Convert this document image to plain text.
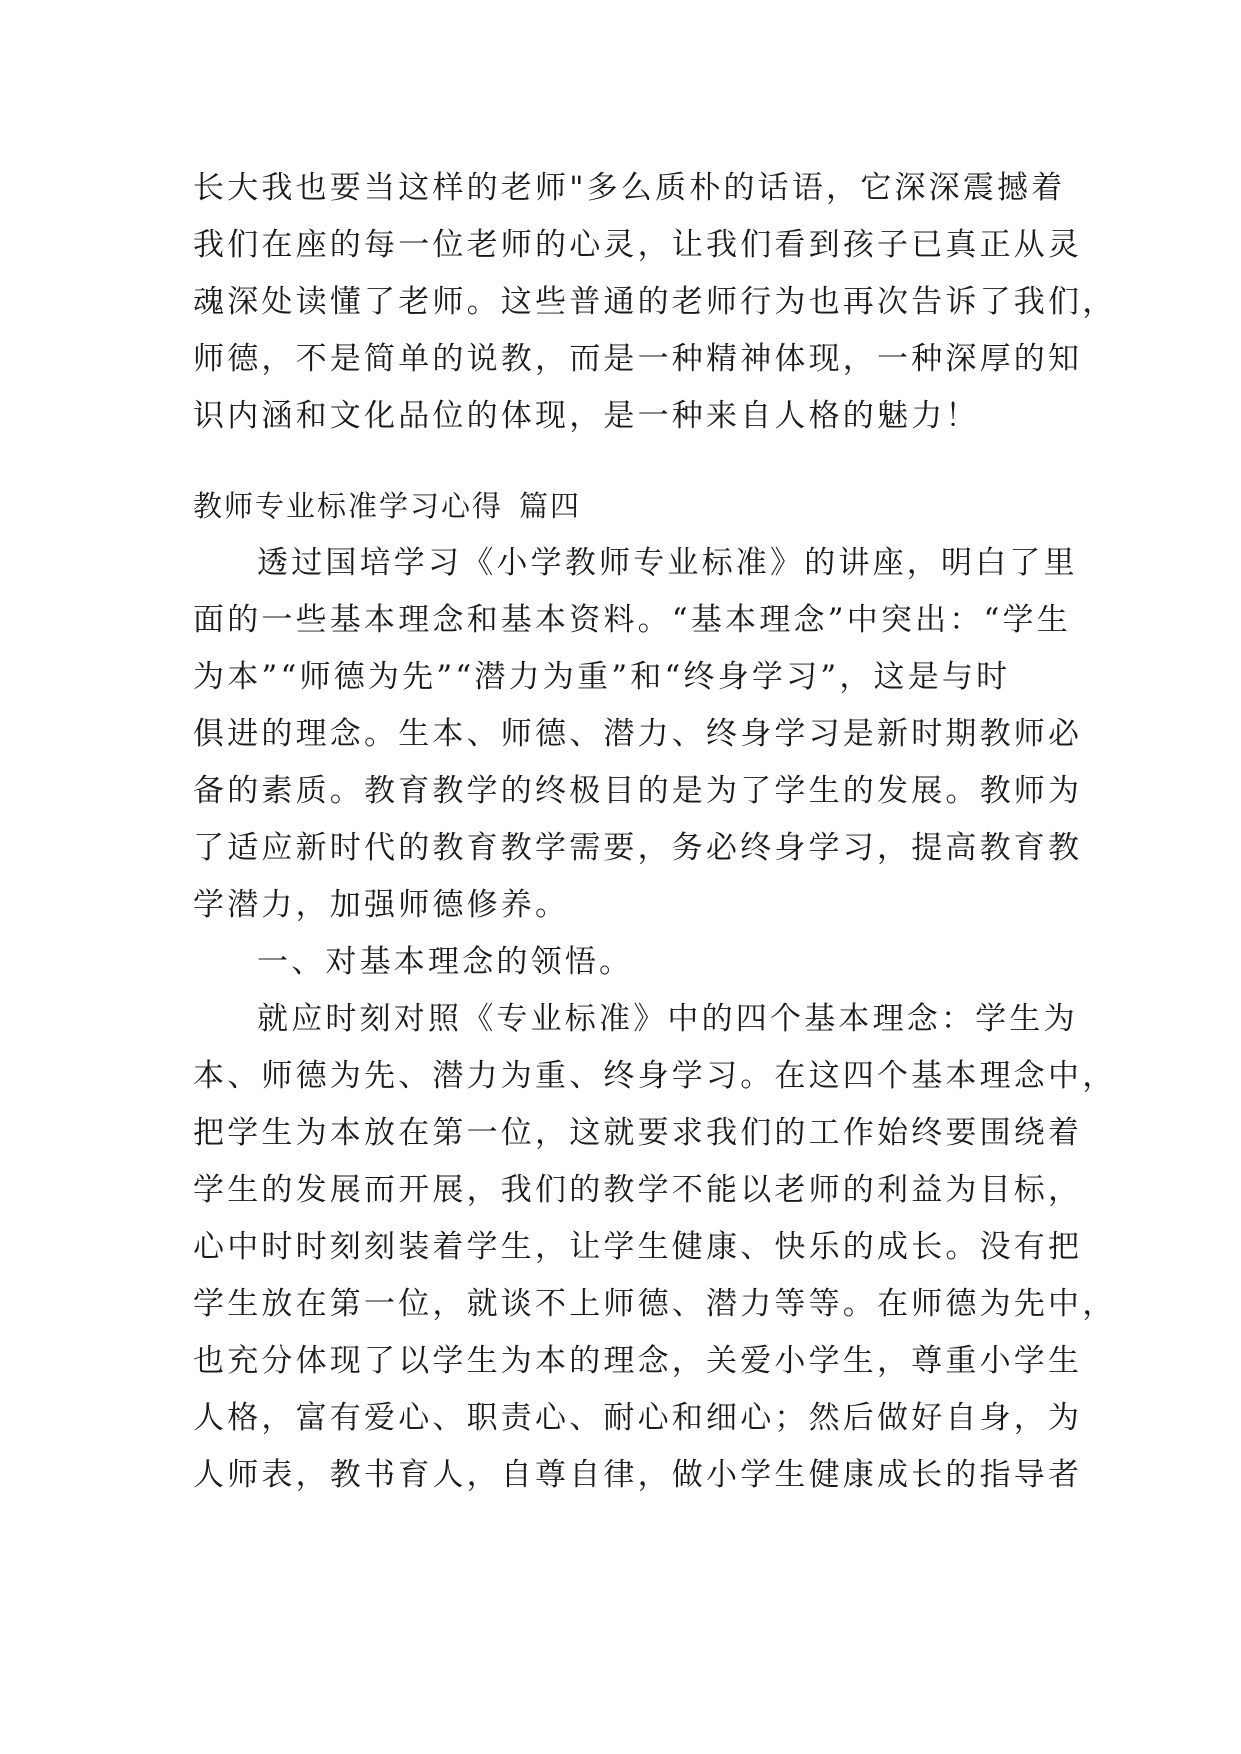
长大我也要当这样的老师"多么质朴的话语，它深深震撼着
我们在座的每一位老师的心灵，让我们看到孩子已真正从灵
魂深处读懂了老师。这些普通的老师行为也再次告诉了我们，
师德，不是简单的说教，而是一种精神体现，一种深厚的知
识内涵和文化品位的体现，是一种来自人格的魅力！
教师专业标准学习心得 篇四
透过国培学习《小学教师专业标准》的讲座，明白了里
面的一些基本理念和基本资料。“基本理念”中突出：“学生
为本”“师德为先”“潜力为重”和“终身学习”，这是与时
俱进的理念。生本、师德、潜力、终身学习是新时期教师必
备的素质。教育教学的终极目的是为了学生的发展。教师为
了适应新时代的教育教学需要，务必终身学习，提高教育教
学潜力，加强师德修养。
一、对基本理念的领悟。
就应时刻对照《专业标准》中的四个基本理念：学生为
本、师德为先、潜力为重、终身学习。在这四个基本理念中，
把学生为本放在第一位，这就要求我们的工作始终要围绕着
学生的发展而开展，我们的教学不能以老师的利益为目标，
心中时时刻刻装着学生，让学生健康、快乐的成长。没有把
学生放在第一位，就谈不上师德、潜力等等。在师德为先中，
也充分体现了以学生为本的理念，关爱小学生，尊重小学生
人格，富有爱心、职责心、耐心和细心；然后做好自身，为
人师表，教书育人，自尊自律，做小学生健康成长的指导者
